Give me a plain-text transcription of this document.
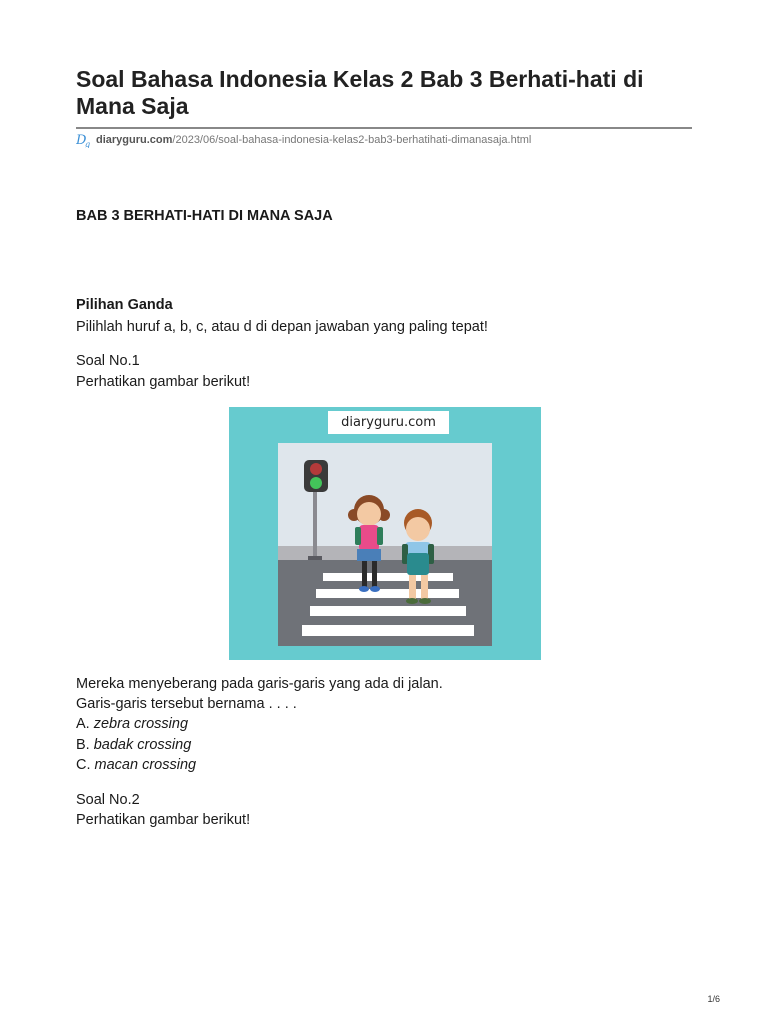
Soal Bahasa Indonesia Kelas 2 Bab 3 Berhati-hati di Mana Saja
D
g diaryguru.com /2023/06/soal-bahasa-indonesia-kelas2-bab3-berhatihati-dimanasaja.html
BAB 3 BERHATI-HATI DI MANA SAJA
Pilihan Ganda
Pilihlah huruf a, b, c, atau d di depan jawaban yang paling tepat!
Soal No.1
Perhatikan gambar berikut!
diaryguru.com
Mereka menyeberang pada garis-garis yang ada di jalan.
Garis-garis tersebut bernama . . . .
A. zebra crossing
B. badak crossing
C. macan crossing
Soal No.2
Perhatikan gambar berikut!
1/6
